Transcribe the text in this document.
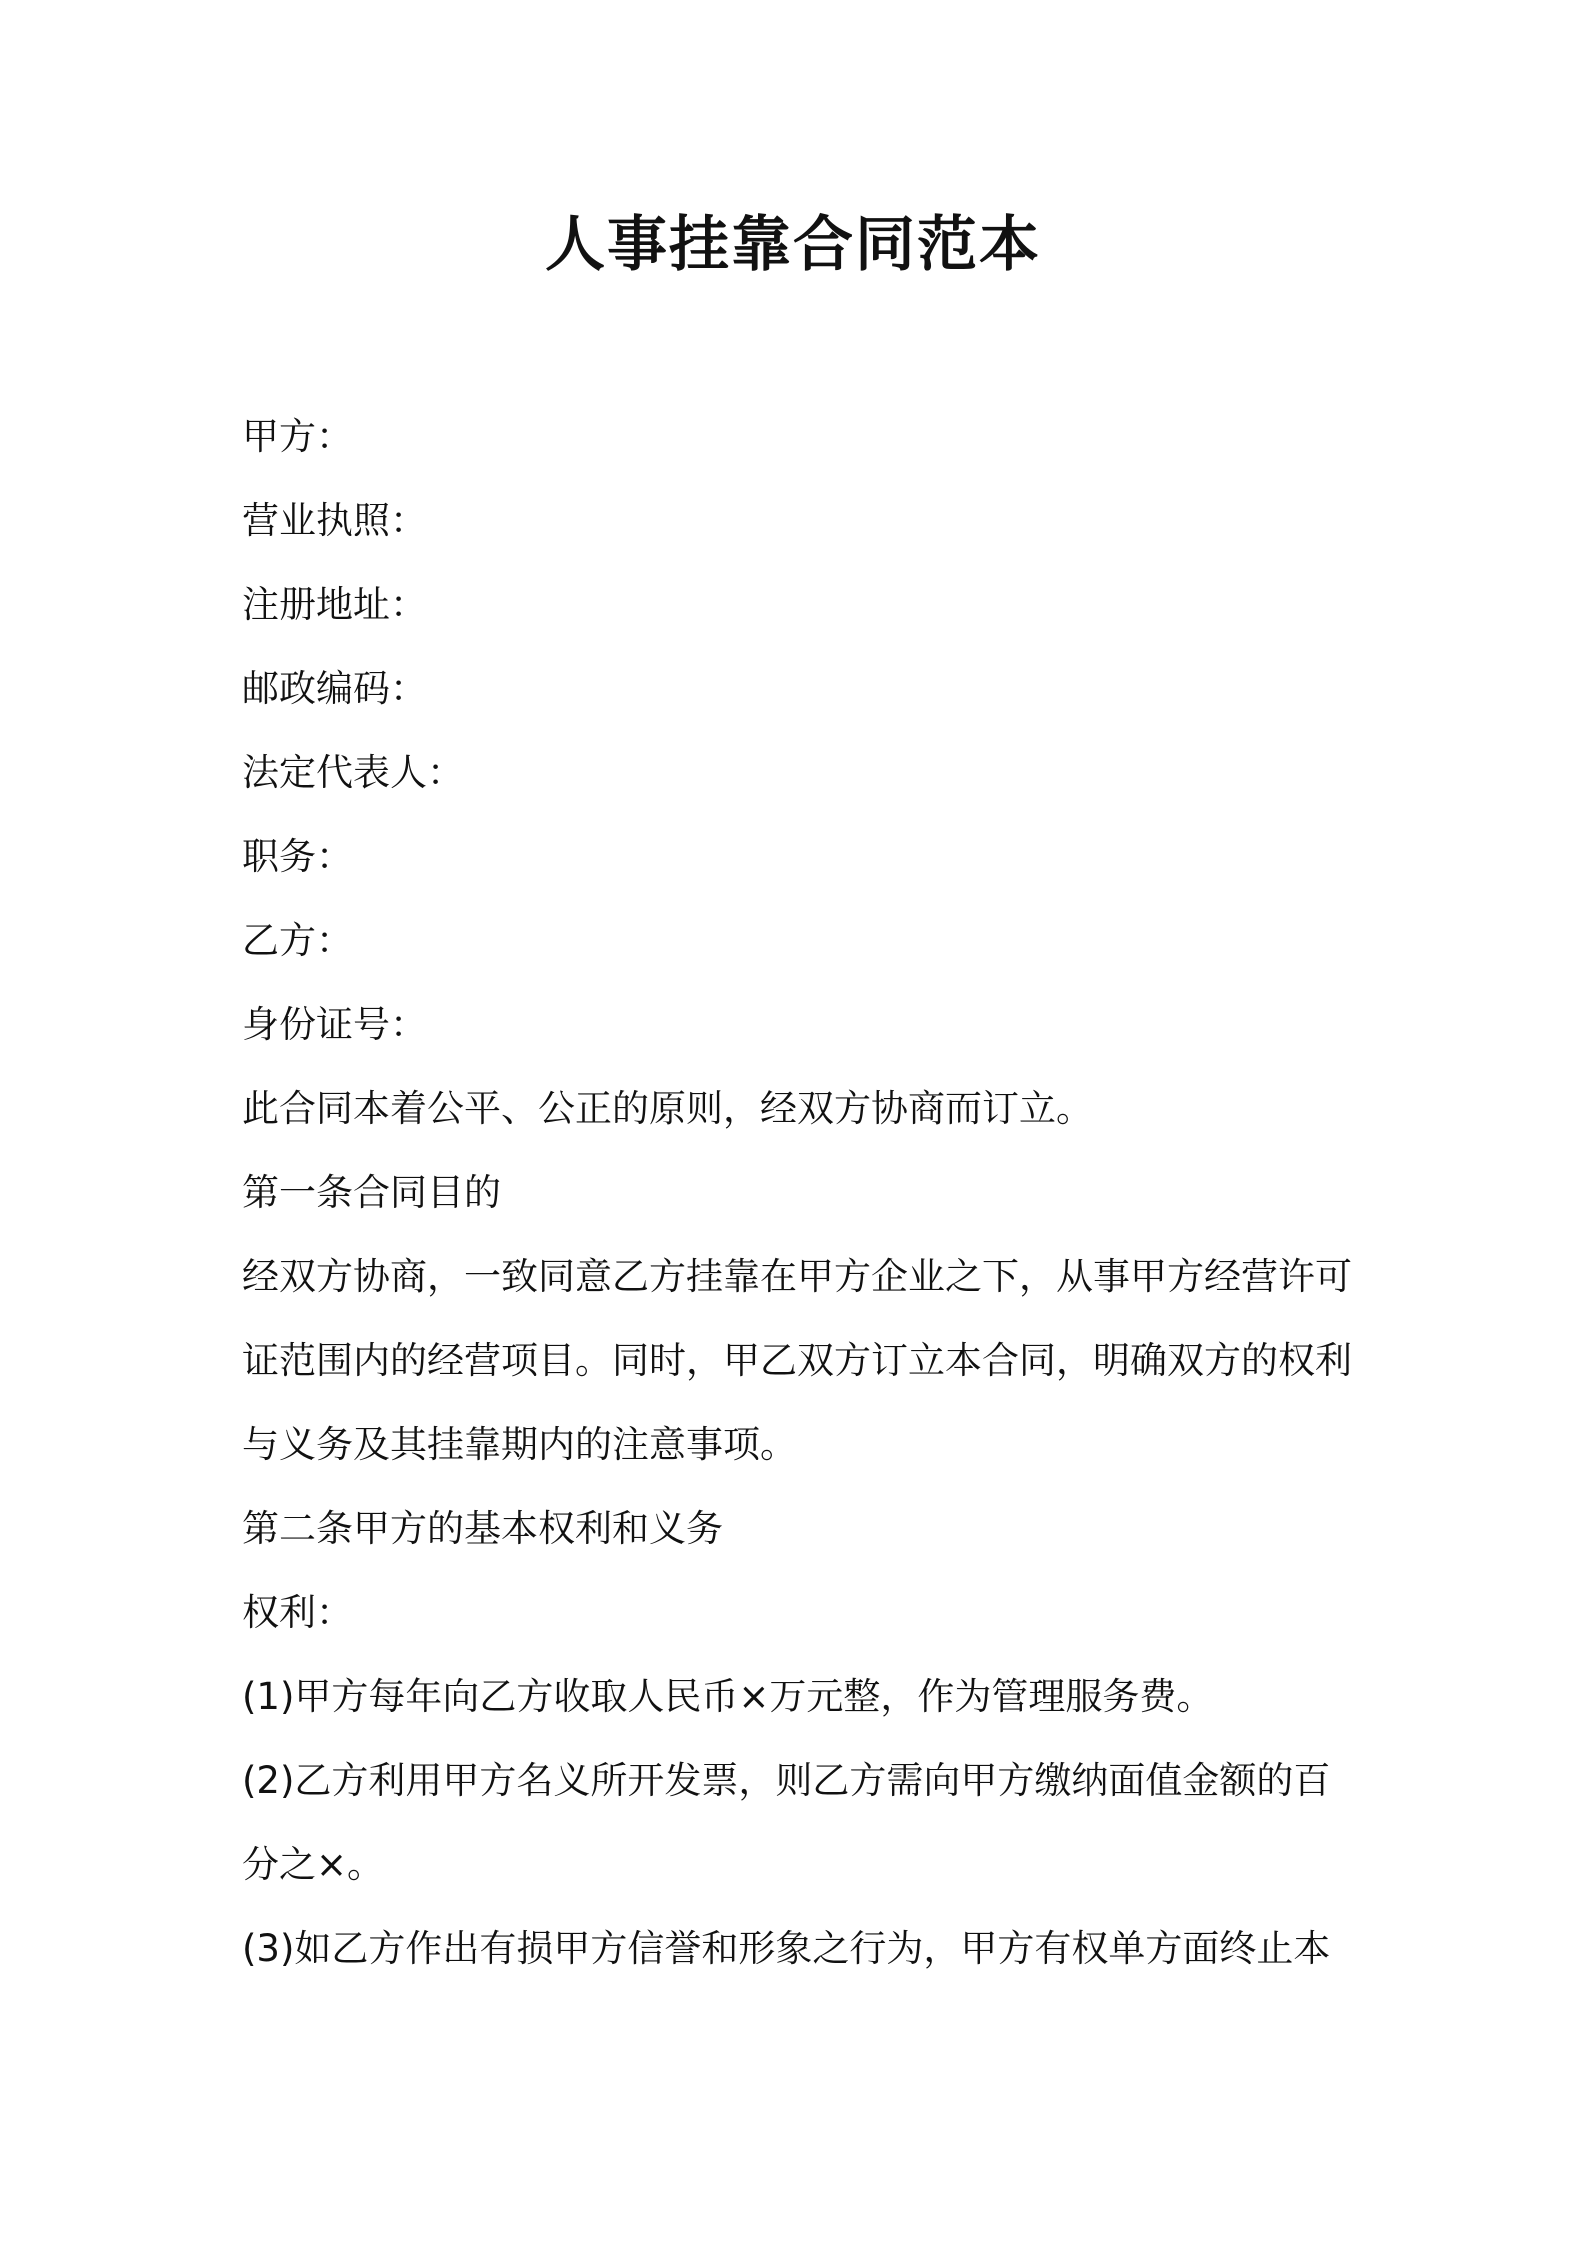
人事挂靠合同范本

甲方：

营业执照：

注册地址：

邮政编码：

法定代表人：

职务：

乙方：

身份证号：

此合同本着公平、公正的原则，经双方协商而订立。

第一条合同目的

经双方协商，一致同意乙方挂靠在甲方企业之下，从事甲方经营许可

证范围内的经营项目。同时，甲乙双方订立本合同，明确双方的权利

与义务及其挂靠期内的注意事项。

第二条甲方的基本权利和义务

权利：

(1)甲方每年向乙方收取人民币×万元整，作为管理服务费。

(2)乙方利用甲方名义所开发票，则乙方需向甲方缴纳面值金额的百

分之×。

(3)如乙方作出有损甲方信誉和形象之行为，甲方有权单方面终止本
